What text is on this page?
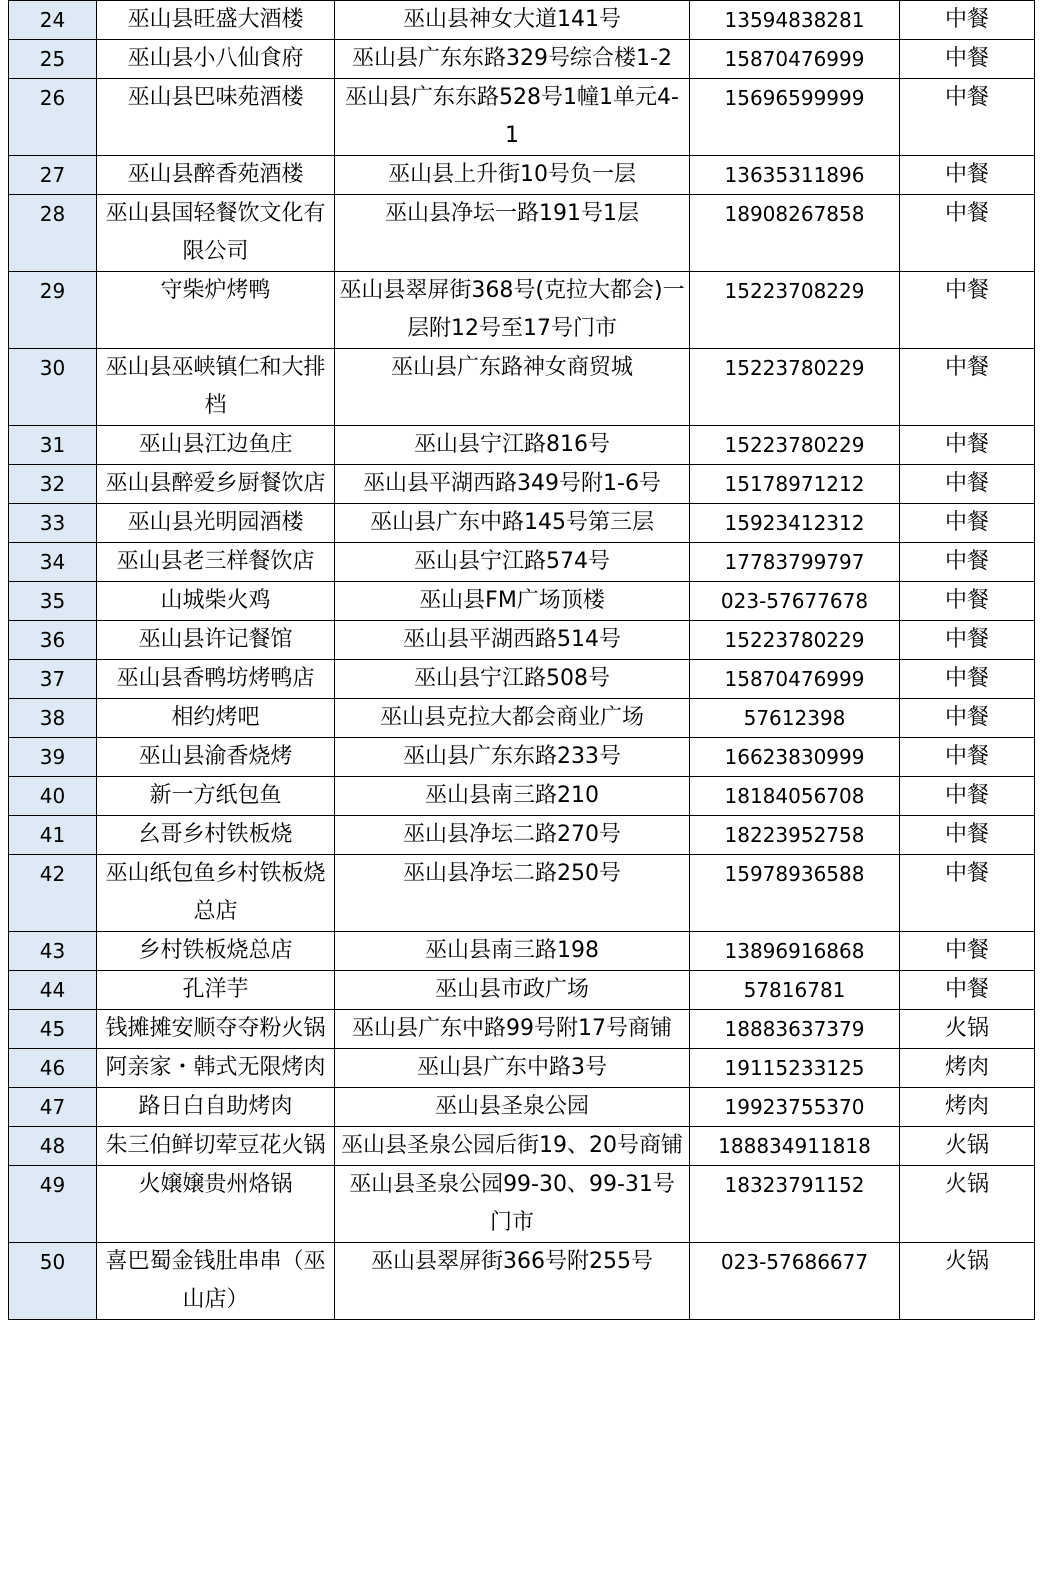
24	巫山县旺盛大酒楼	巫山县神女大道141号	13594838281	中餐
25	巫山县小八仙食府	巫山县广东东路329号综合楼1-2	15870476999	中餐
26	巫山县巴味苑酒楼	巫山县广东东路528号1幢1单元4-1	15696599999	中餐
27	巫山县醉香苑酒楼	巫山县上升街10号负一层	13635311896	中餐
28	巫山县国轻餐饮文化有限公司	巫山县净坛一路191号1层	18908267858	中餐
29	守柴炉烤鸭	巫山县翠屏街368号(克拉大都会)一层附12号至17号门市	15223708229	中餐
30	巫山县巫峡镇仁和大排档	巫山县广东路神女商贸城	15223780229	中餐
31	巫山县江边鱼庄	巫山县宁江路816号	15223780229	中餐
32	巫山县醉爱乡厨餐饮店	巫山县平湖西路349号附1-6号	15178971212	中餐
33	巫山县光明园酒楼	巫山县广东中路145号第三层	15923412312	中餐
34	巫山县老三样餐饮店	巫山县宁江路574号	17783799797	中餐
35	山城柴火鸡	巫山县FM广场顶楼	023-57677678	中餐
36	巫山县许记餐馆	巫山县平湖西路514号	15223780229	中餐
37	巫山县香鸭坊烤鸭店	巫山县宁江路508号	15870476999	中餐
38	相约烤吧	巫山县克拉大都会商业广场	57612398	中餐
39	巫山县渝香烧烤	巫山县广东东路233号	16623830999	中餐
40	新一方纸包鱼	巫山县南三路210	18184056708	中餐
41	幺哥乡村铁板烧	巫山县净坛二路270号	18223952758	中餐
42	巫山纸包鱼乡村铁板烧总店	巫山县净坛二路250号	15978936588	中餐
43	乡村铁板烧总店	巫山县南三路198	13896916868	中餐
44	孔洋芋	巫山县市政广场	57816781	中餐
45	钱摊摊安顺夺夺粉火锅	巫山县广东中路99号附17号商铺	18883637379	火锅
46	阿亲家・韩式无限烤肉	巫山县广东中路3号	19115233125	烤肉
47	路日白自助烤肉	巫山县圣泉公园	19923755370	烤肉
48	朱三伯鲜切荤豆花火锅	巫山县圣泉公园后街19、20号商铺	188834911818	火锅
49	火嬢嬢贵州烙锅	巫山县圣泉公园99-30、99-31号门市	18323791152	火锅
50	喜巴蜀金钱肚串串（巫山店）	巫山县翠屏街366号附255号	023-57686677	火锅
